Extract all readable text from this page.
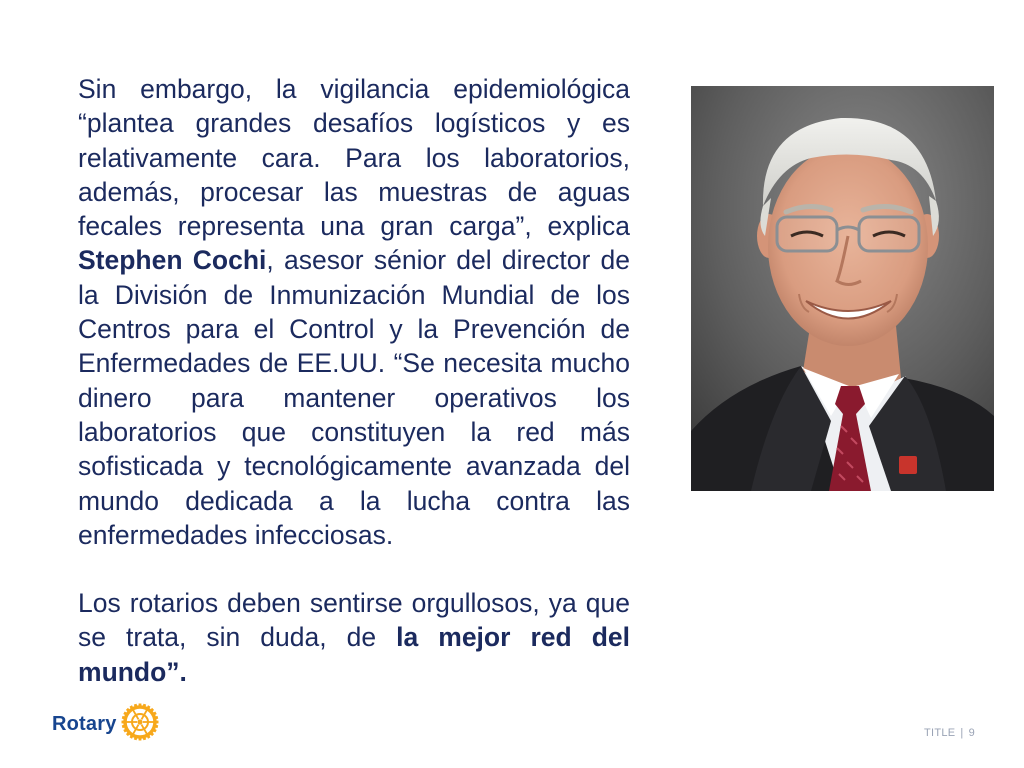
Sin embargo, la vigilancia epidemiológica “plantea grandes desafíos logísticos y es relativamente cara. Para los laboratorios, además, procesar las muestras de aguas fecales representa una gran carga”, explica Stephen Cochi, asesor sénior del director de la División de Inmunización Mundial de los Centros para el Control y la Prevención de Enfermedades de EE.UU. “Se necesita mucho dinero para mantener operativos los laboratorios que constituyen la red más sofisticada y tecnológicamente avanzada del mundo dedicada a la lucha contra las enfermedades infecciosas.

Los rotarios deben sentirse orgullosos, ya que se trata, sin duda, de la mejor red del mundo”.

Rotary	TITLE | 9
